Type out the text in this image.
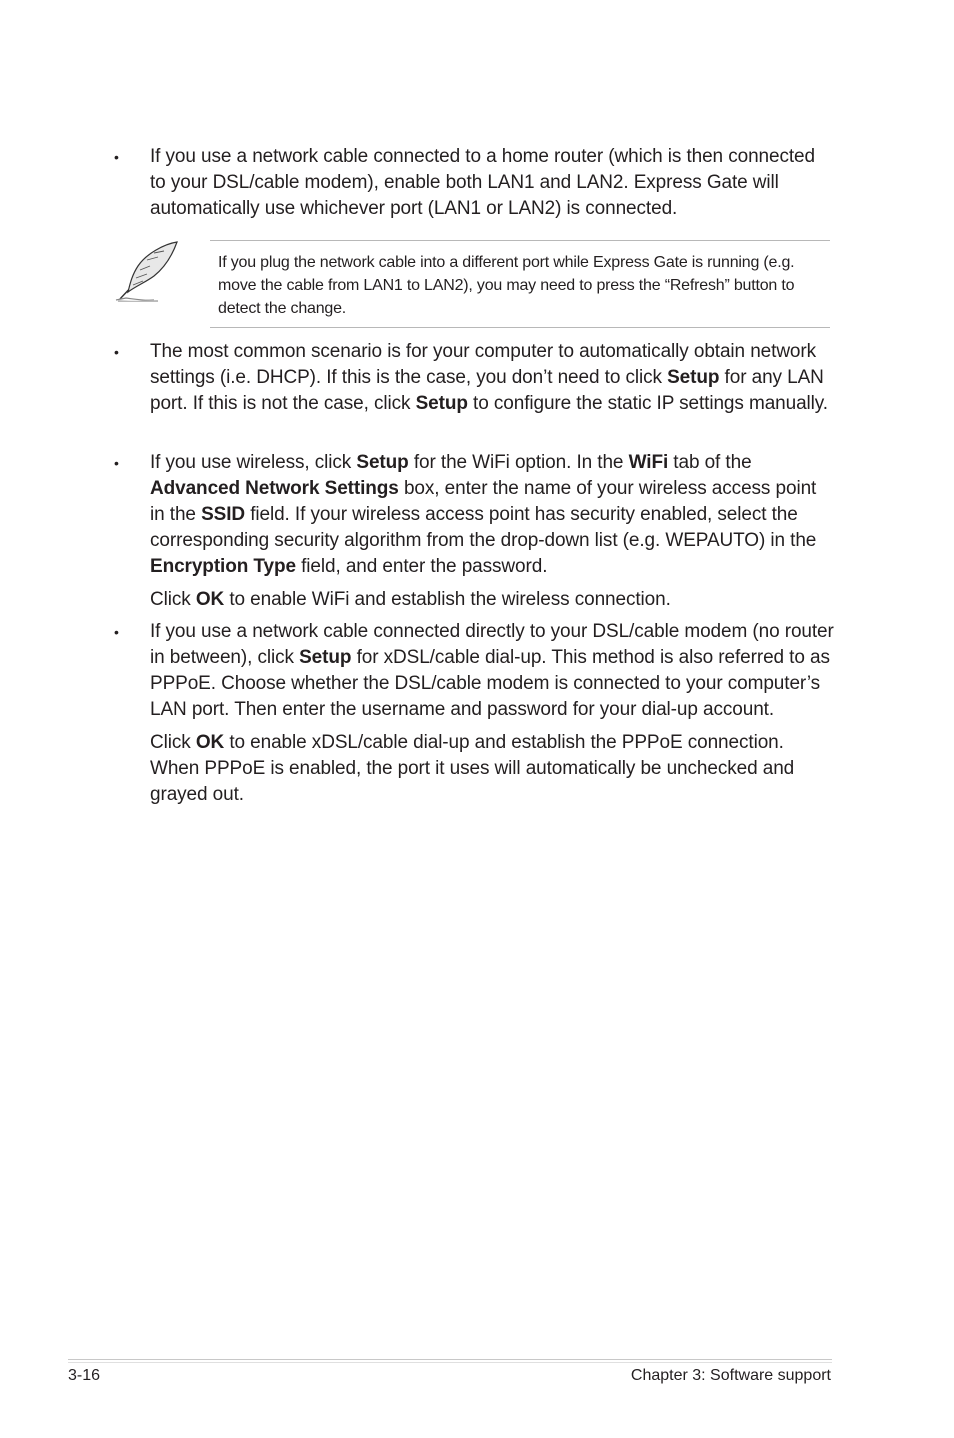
• If you use a network cable connected to a home router (which is then connected to your DSL/cable modem), enable both LAN1 and LAN2. Express Gate will automatically use whichever port (LAN1 or LAN2) is connected.

If you plug the network cable into a different port while Express Gate is running (e.g. move the cable from LAN1 to LAN2), you may need to press the “Refresh” button to detect the change.

• The most common scenario is for your computer to automatically obtain network settings (i.e. DHCP). If this is the case, you don’t need to click Setup for any LAN port. If this is not the case, click Setup to configure the static IP settings manually.

• If you use wireless, click Setup for the WiFi option. In the WiFi tab of the Advanced Network Settings box, enter the name of your wireless access point in the SSID field. If your wireless access point has security enabled, select the corresponding security algorithm from the drop-down list (e.g. WEPAUTO) in the Encryption Type field, and enter the password.

Click OK to enable WiFi and establish the wireless connection.

• If you use a network cable connected directly to your DSL/cable modem (no router in between), click Setup for xDSL/cable dial-up. This method is also referred to as PPPoE. Choose whether the DSL/cable modem is connected to your computer’s LAN port. Then enter the username and password for your dial-up account.

Click OK to enable xDSL/cable dial-up and establish the PPPoE connection. When PPPoE is enabled, the port it uses will automatically be unchecked and grayed out.

3-16	Chapter 3: Software support
